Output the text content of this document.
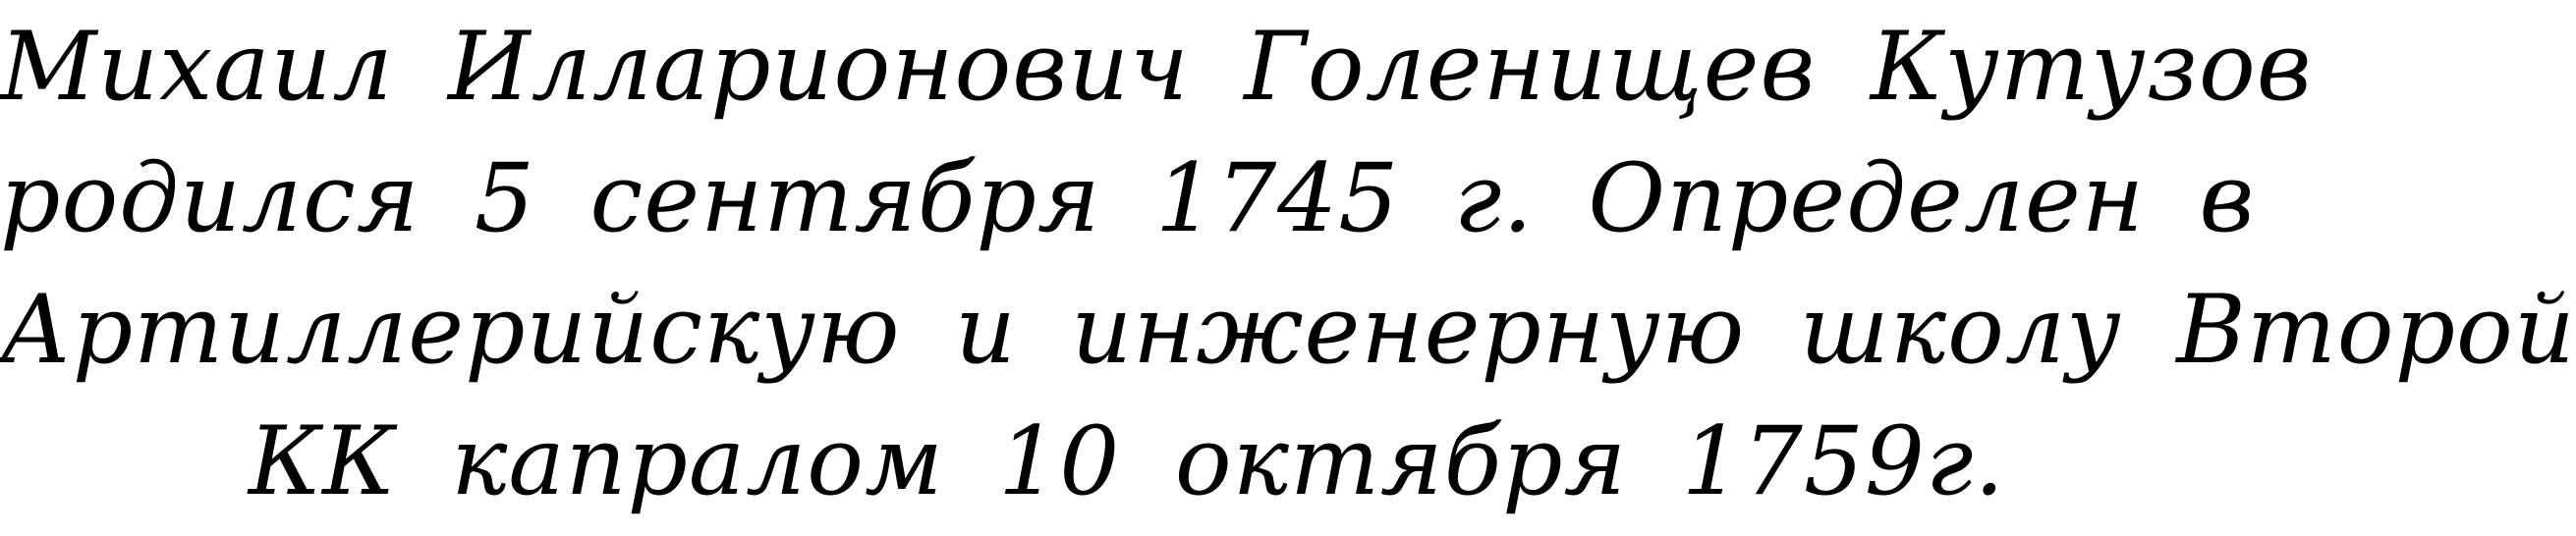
Михаил Илларионович Голенищев Кутузов
родился 5 сентября 1745 г. Определен в
Артиллерийскую и инженерную школу Второй
КК капралом 10 октября 1759г.
